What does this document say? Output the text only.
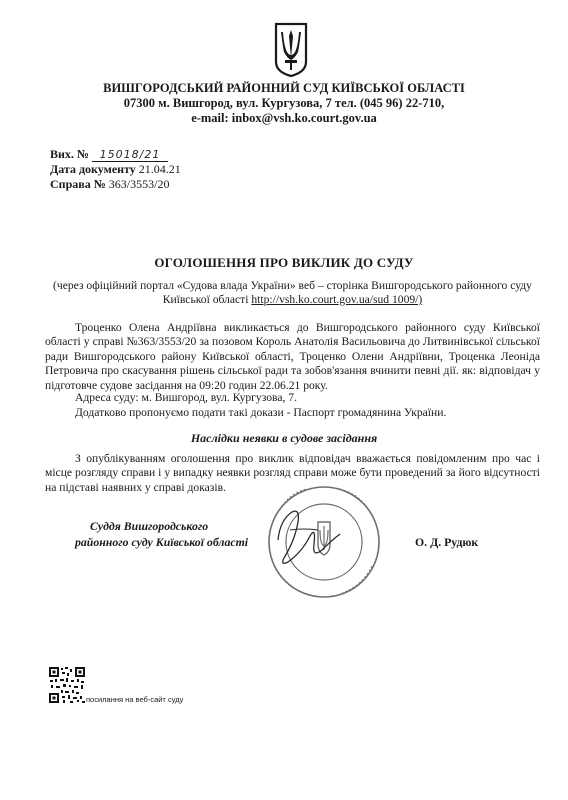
ВИШГОРОДСЬКИЙ РАЙОННИЙ СУД КИЇВСЬКОЇ ОБЛАСТІ
07300 м. Вишгород, вул. Кургузова, 7 тел. (045 96) 22-710,
e-mail: inbox@vsh.ko.court.gov.ua
Вих. № 15018/21
Дата документу 21.04.21
Справа № 363/3553/20
ОГОЛОШЕННЯ ПРО ВИКЛИК ДО СУДУ
(через офіційний портал «Судова влада України» веб – сторінка Вишгородського районного суду
Київської області http://vsh.ko.court.gov.ua/sud 1009/)
Троценко Олена Андріївна викликається до Вишгородського районного суду Київської області у справі №363/3553/20 за позовом Король Анатолія Васильовича до Литвинівської сільської ради Вишгородського району Київської області, Троценко Олени Андріївни, Троценка Леоніда Петровича про скасування рішень сільської ради та зобов'язання вчинити певні дії. як: відповідач у підготовче судове засідання на 09:20 годин 22.06.21 року.
Адреса суду: м. Вишгород, вул. Кургузова, 7.
Додатково пропонуємо подати такі докази - Паспорт громадянина України.
Наслідки неявки в судове засідання
З опублікуванням оголошення про виклик відповідач вважається повідомленим про час і місце розгляду справи і у випадку неявки розгляд справи може бути проведений за його відсутності на підставі наявних у справі доказів.
Суддя Вишгородського
районного суду Київської області	О. Д. Рудюк
посилання на веб-сайт суду
